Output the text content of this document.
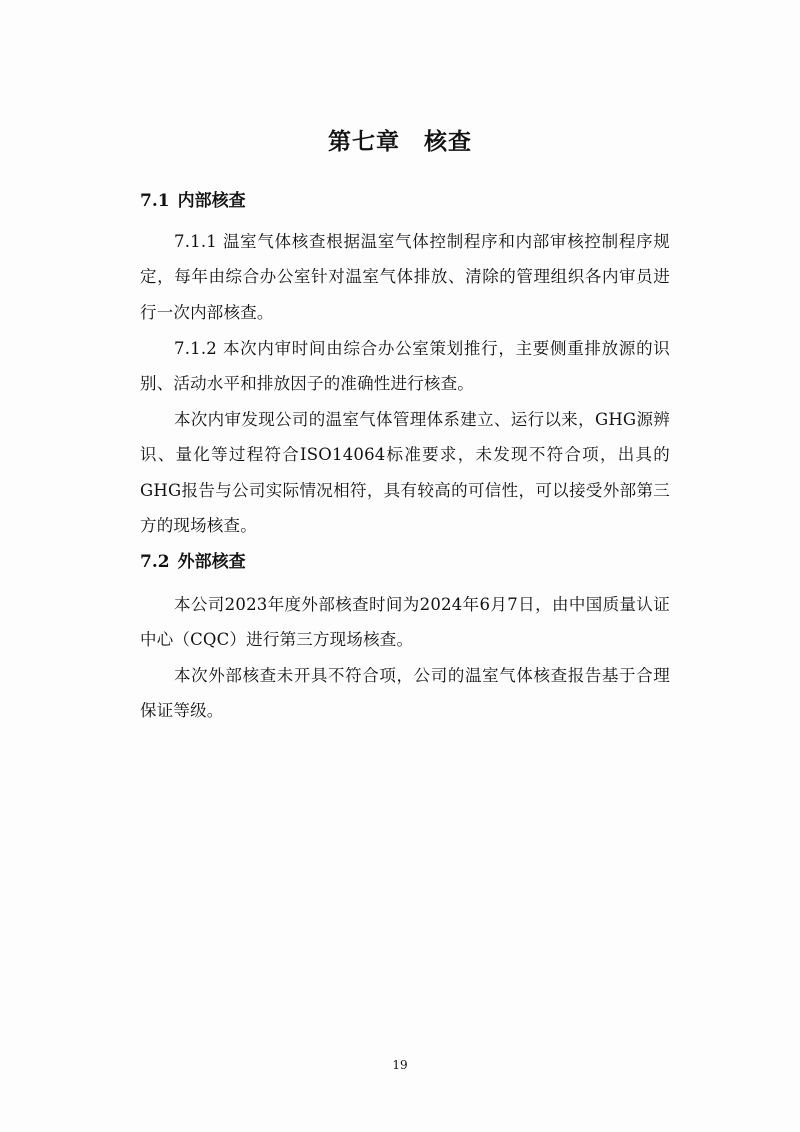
第七章 核查
7.1 内部核查

7.1.1 温室气体核查根据温室气体控制程序和内部审核控制程序规定，每年由综合办公室针对温室气体排放、清除的管理组织各内审员进行一次内部核查。

7.1.2 本次内审时间由综合办公室策划推行，主要侧重排放源的识别、活动水平和排放因子的准确性进行核查。

本次内审发现公司的温室气体管理体系建立、运行以来，GHG源辨识、量化等过程符合ISO14064标准要求，未发现不符合项，出具的GHG报告与公司实际情况相符，具有较高的可信性，可以接受外部第三方的现场核查。

7.2 外部核查

本公司2023年度外部核查时间为2024年6月7日，由中国质量认证中心（CQC）进行第三方现场核查。

本次外部核查未开具不符合项，公司的温室气体核查报告基于合理保证等级。

19
